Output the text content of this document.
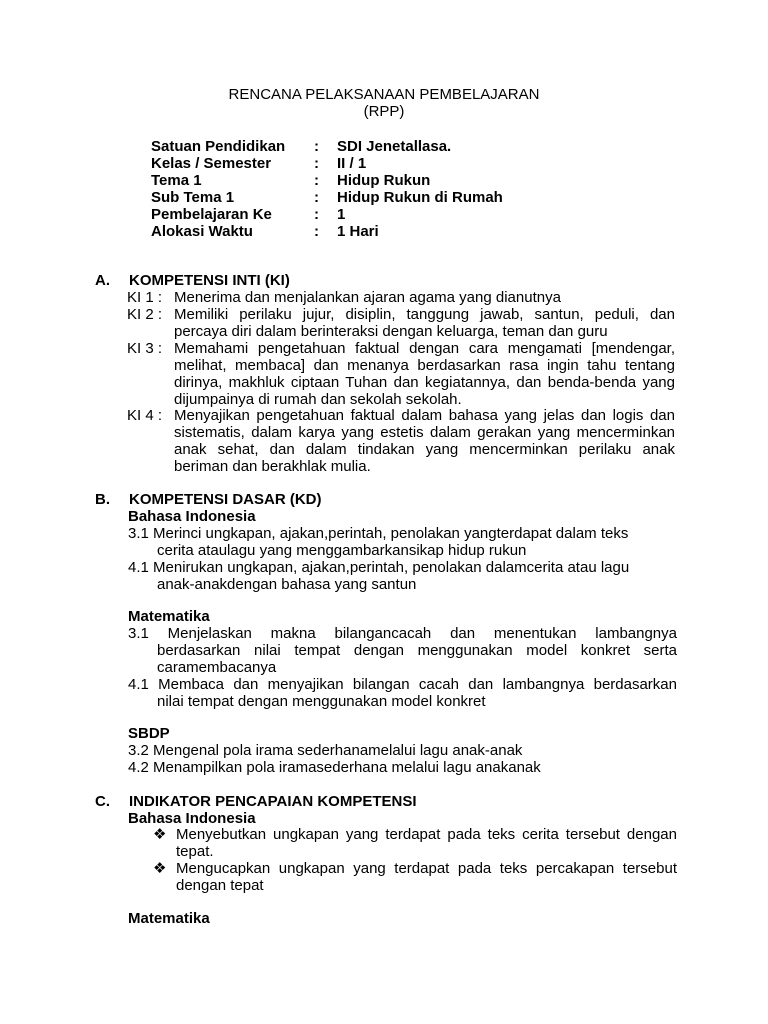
RENCANA PELAKSANAAN PEMBELAJARAN
(RPP)
Satuan Pendidikan	:	SDI Jenetallasa.
Kelas / Semester	:	II / 1
Tema 1	:	Hidup Rukun
Sub Tema 1	:	Hidup Rukun di Rumah
Pembelajaran Ke	:	1
Alokasi Waktu	:	1 Hari
A. KOMPETENSI INTI (KI)
KI 1 : Menerima dan menjalankan ajaran agama yang dianutnya
KI 2 : Memiliki perilaku jujur, disiplin, tanggung jawab, santun, peduli, dan
percaya diri dalam berinteraksi dengan keluarga, teman dan guru
KI 3 : Memahami pengetahuan faktual dengan cara mengamati [mendengar,
melihat, membaca] dan menanya berdasarkan rasa ingin tahu tentang
dirinya, makhluk ciptaan Tuhan dan kegiatannya, dan benda-benda yang
dijumpainya di rumah dan sekolah sekolah.
KI 4 : Menyajikan pengetahuan faktual dalam bahasa yang jelas dan logis dan
sistematis, dalam karya yang estetis dalam gerakan yang mencerminkan
anak sehat, dan dalam tindakan yang mencerminkan perilaku anak
beriman dan berakhlak mulia.
B. KOMPETENSI DASAR (KD)
Bahasa Indonesia
3.1 Merinci ungkapan, ajakan,perintah, penolakan yangterdapat dalam teks
cerita ataulagu yang menggambarkansikap hidup rukun
4.1 Menirukan ungkapan, ajakan,perintah, penolakan dalamcerita atau lagu
anak-anakdengan bahasa yang santun
Matematika
3.1 Menjelaskan makna bilangancacah dan menentukan lambangnya
berdasarkan nilai tempat dengan menggunakan model konkret serta
caramembacanya
4.1 Membaca dan menyajikan bilangan cacah dan lambangnya berdasarkan
nilai tempat dengan menggunakan model konkret
SBDP
3.2 Mengenal pola irama sederhanamelalui lagu anak-anak
4.2 Menampilkan pola iramasederhana melalui lagu anakanak
C. INDIKATOR PENCAPAIAN KOMPETENSI
Bahasa Indonesia
❖ Menyebutkan ungkapan yang terdapat pada teks cerita tersebut dengan
tepat.
❖ Mengucapkan ungkapan yang terdapat pada teks percakapan tersebut
dengan tepat
Matematika
